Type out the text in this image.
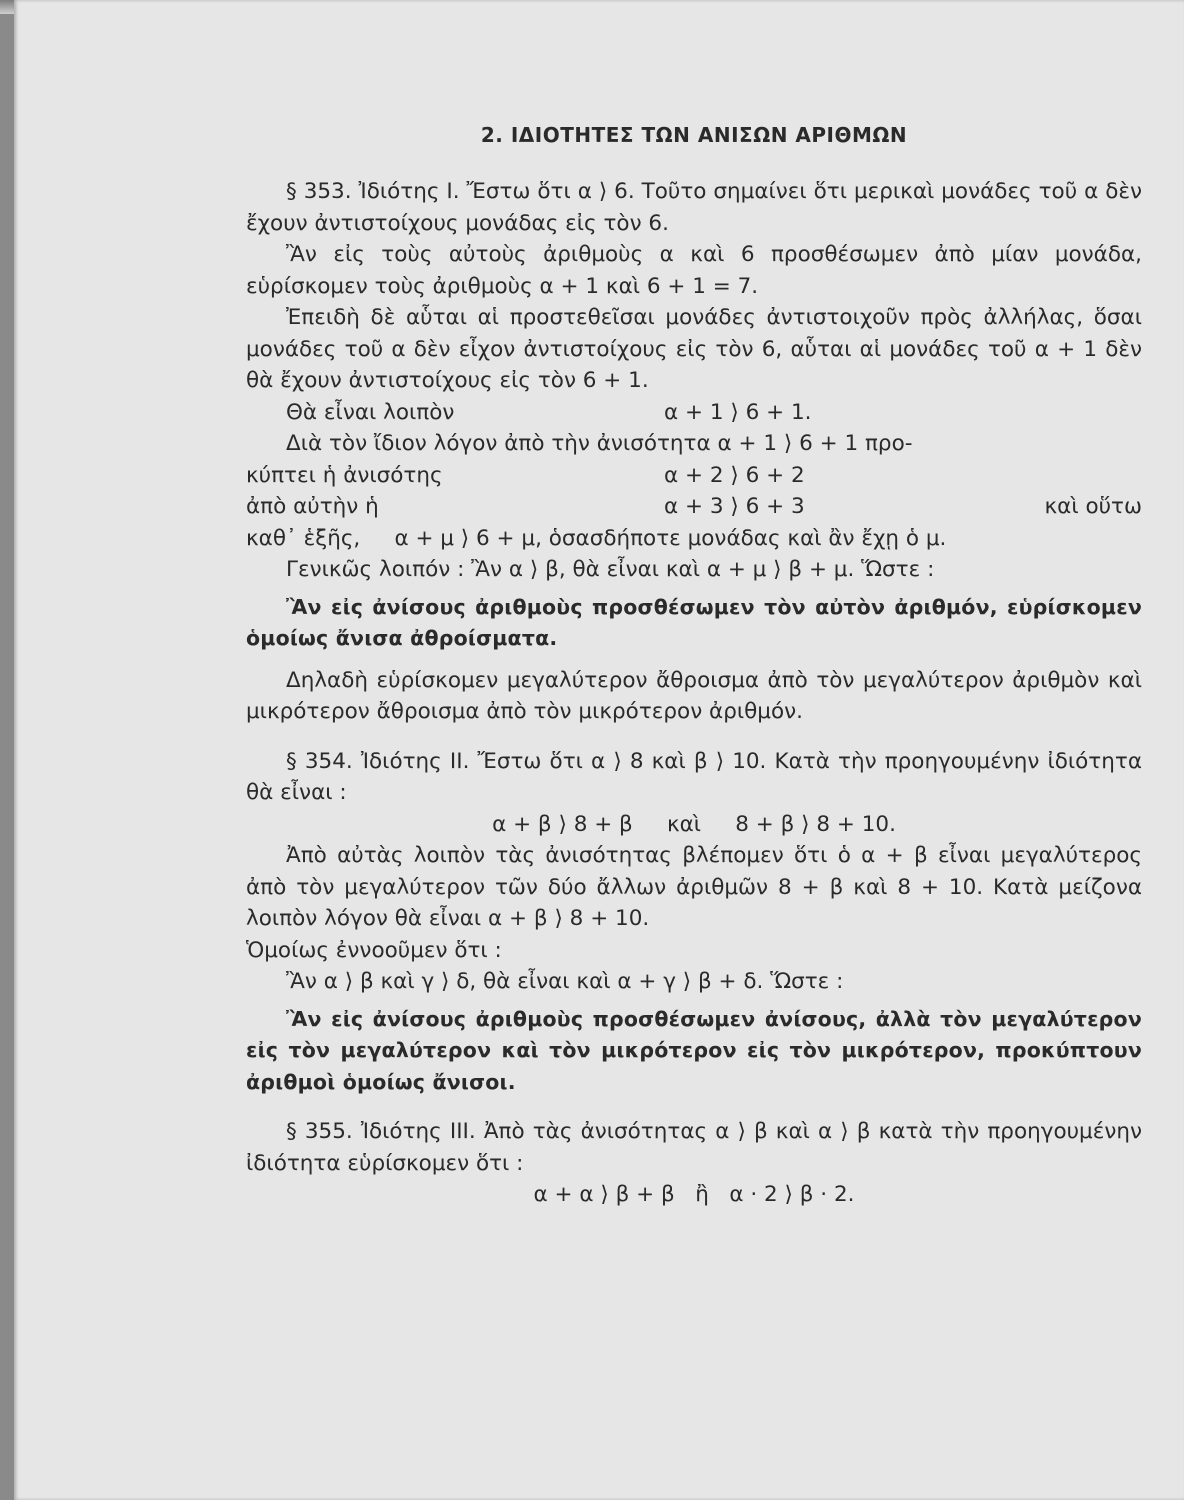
2. ΙΔΙΟΤΗΤΕΣ ΤΩΝ ΑΝΙΣΩΝ ΑΡΙΘΜΩΝ

§ 353. Ἰδιότης Ι. Ἔστω ὅτι α ⟩ 6. Τοῦτο σημαίνει ὅτι μερικαὶ μονάδες τοῦ α δὲν ἔχουν ἀντιστοίχους μονάδας εἰς τὸν 6.

Ἂν εἰς τοὺς αὐτοὺς ἀριθμοὺς α καὶ 6 προσθέσωμεν ἀπὸ μίαν μονάδα, εὑρίσκομεν τοὺς ἀριθμοὺς α + 1 καὶ 6 + 1 = 7.

Ἐπειδὴ δὲ αὗται αἱ προστεθεῖσαι μονάδες ἀντιστοιχοῦν πρὸς ἀλλήλας, ὅσαι μονάδες τοῦ α δὲν εἶχον ἀντιστοίχους εἰς τὸν 6, αὗται αἱ μονάδες τοῦ α + 1 δὲν θὰ ἔχουν ἀντιστοίχους εἰς τὸν 6 + 1.

Θὰ εἶναι λοιπὸν	α + 1 ⟩ 6 + 1.

Διὰ τὸν ἴδιον λόγον ἀπὸ τὴν ἀνισότητα α + 1 ⟩ 6 + 1 προ-

κύπτει ἡ ἀνισότης	α + 2 ⟩ 6 + 2
ἀπὸ αὐτὴν ἡ	α + 3 ⟩ 6 + 3	καὶ οὕτω

καθ᾿ ἑξῆς,     α + μ ⟩ 6 + μ, ὁσασδήποτε μονάδας καὶ ἂν ἔχῃ ὁ μ.

Γενικῶς λοιπόν : Ἂν α ⟩ β, θὰ εἶναι καὶ α + μ ⟩ β + μ. Ὥστε :

Ἂν εἰς ἀνίσους ἀριθμοὺς προσθέσωμεν τὸν αὐτὸν ἀριθμόν, εὑρίσκομεν ὁμοίως ἄνισα ἀθροίσματα.

Δηλαδὴ εὑρίσκομεν μεγαλύτερον ἄθροισμα ἀπὸ τὸν μεγαλύτερον ἀριθμὸν καὶ μικρότερον ἄθροισμα ἀπὸ τὸν μικρότερον ἀριθμόν.

§ 354. Ἰδιότης ΙΙ. Ἔστω ὅτι α ⟩ 8 καὶ β ⟩ 10. Κατὰ τὴν προηγουμένην ἰδιότητα θὰ εἶναι :

α + β ⟩ 8 + β     καὶ     8 + β ⟩ 8 + 10.

Ἀπὸ αὐτὰς λοιπὸν τὰς ἀνισότητας βλέπομεν ὅτι ὁ α + β εἶναι μεγαλύτερος ἀπὸ τὸν μεγαλύτερον τῶν δύο ἄλλων ἀριθμῶν 8 + β καὶ 8 + 10. Κατὰ μείζονα λοιπὸν λόγον θὰ εἶναι α + β ⟩ 8 + 10.

Ὁμοίως ἐννοοῦμεν ὅτι :

Ἂν α ⟩ β καὶ γ ⟩ δ, θὰ εἶναι καὶ α + γ ⟩ β + δ. Ὥστε :

Ἂν εἰς ἀνίσους ἀριθμοὺς προσθέσωμεν ἀνίσους, ἀλλὰ τὸν μεγαλύτερον εἰς τὸν μεγαλύτερον καὶ τὸν μικρότερον εἰς τὸν μικρότερον, προκύπτουν ἀριθμοὶ ὁμοίως ἄνισοι.

§ 355. Ἰδιότης ΙΙΙ. Ἀπὸ τὰς ἀνισότητας α ⟩ β καὶ α ⟩ β κατὰ τὴν προηγουμένην ἰδιότητα εὑρίσκομεν ὅτι :

α + α ⟩ β + β   ἢ   α · 2 ⟩ β · 2.
